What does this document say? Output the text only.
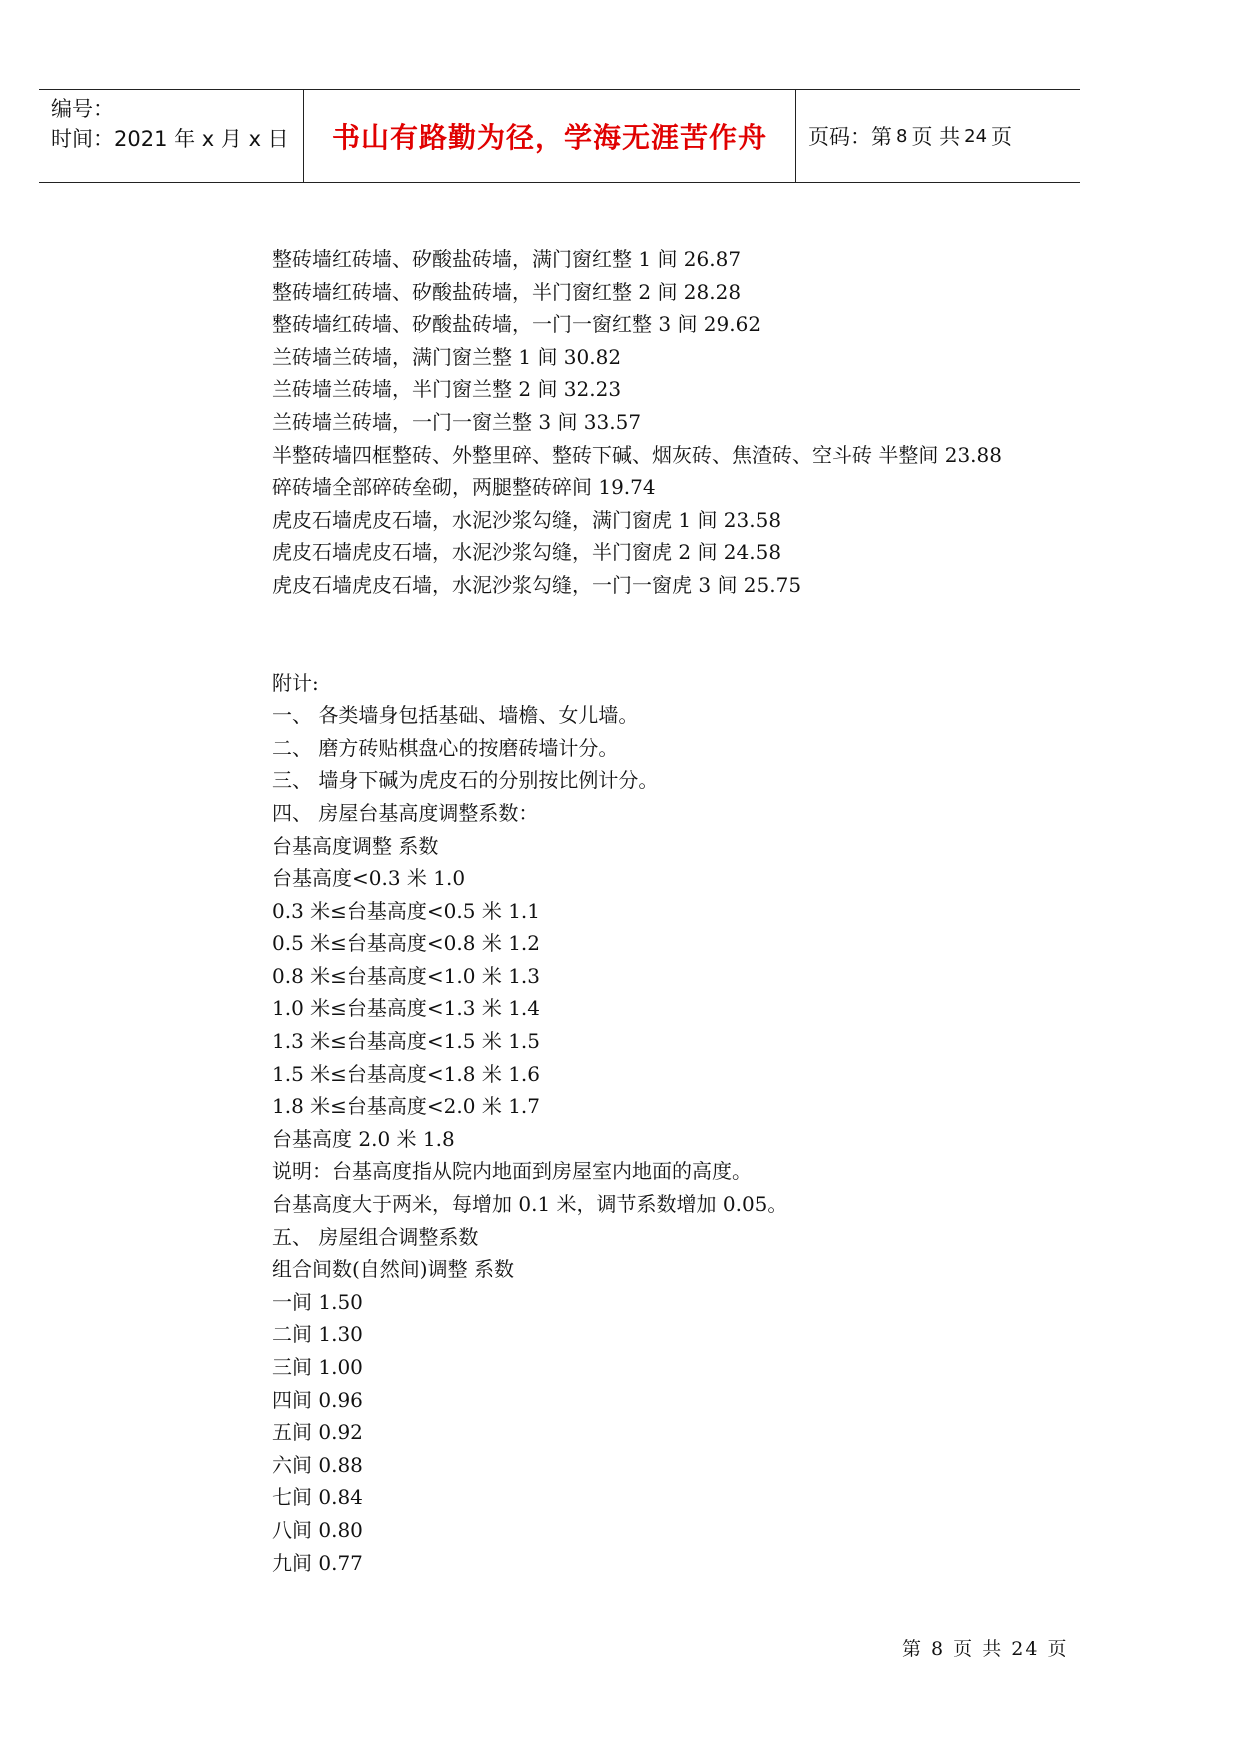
编号：
时间：2021 年 x 月 x 日	书山有路勤为径，学海无涯苦作舟 页码：第 8 页 共 24 页
整砖墙红砖墙、矽酸盐砖墙，满门窗红整 1 间 26.87
整砖墙红砖墙、矽酸盐砖墙，半门窗红整 2 间 28.28
整砖墙红砖墙、矽酸盐砖墙，一门一窗红整 3 间 29.62
兰砖墙兰砖墙，满门窗兰整 1 间 30.82
兰砖墙兰砖墙，半门窗兰整 2 间 32.23
兰砖墙兰砖墙，一门一窗兰整 3 间 33.57
半整砖墙四框整砖、外整里碎、整砖下碱、烟灰砖、焦渣砖、空斗砖 半整间 23.88
碎砖墙全部碎砖垒砌，两腿整砖碎间 19.74
虎皮石墙虎皮石墙，水泥沙浆勾缝，满门窗虎 1 间 23.58
虎皮石墙虎皮石墙，水泥沙浆勾缝，半门窗虎 2 间 24.58
虎皮石墙虎皮石墙，水泥沙浆勾缝，一门一窗虎 3 间 25.75
附计:
一、 各类墙身包括基础、墙檐、女儿墙。
二、 磨方砖贴棋盘心的按磨砖墙计分。
三、 墙身下碱为虎皮石的分别按比例计分。
四、 房屋台基高度调整系数：
台基高度调整 系数
台基高度<0.3 米 1.0
0.3 米≤台基高度<0.5 米 1.1
0.5 米≤台基高度<0.8 米 1.2
0.8 米≤台基高度<1.0 米 1.3
1.0 米≤台基高度<1.3 米 1.4
1.3 米≤台基高度<1.5 米 1.5
1.5 米≤台基高度<1.8 米 1.6
1.8 米≤台基高度<2.0 米 1.7
台基高度 2.0 米 1.8
说明：台基高度指从院内地面到房屋室内地面的高度。
台基高度大于两米，每增加 0.1 米，调节系数增加 0.05。
五、 房屋组合调整系数
组合间数(自然间)调整 系数
一间 1.50
二间 1.30
三间 1.00
四间 0.96
五间 0.92
六间 0.88
七间 0.84
八间 0.80
九间 0.77
第 8 页 共 24 页
